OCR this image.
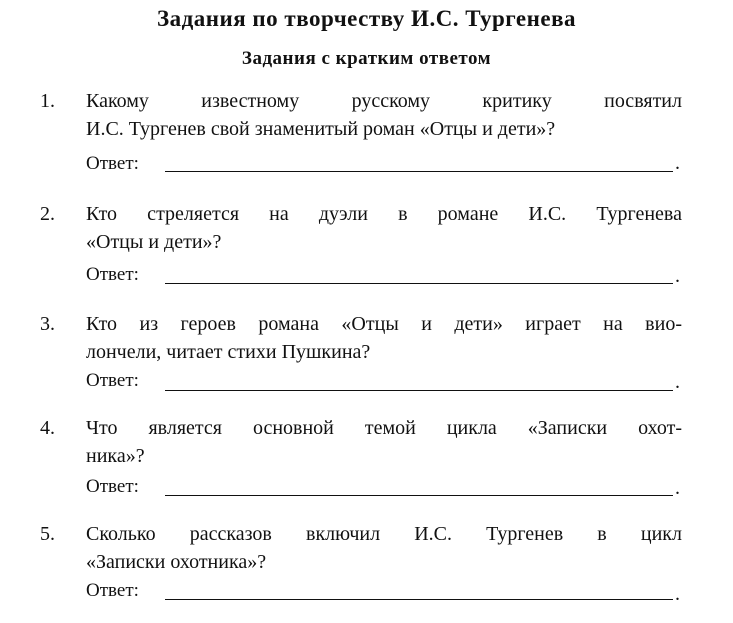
Задания по творчеству И.С. Тургенева
Задания с кратким ответом
1. Какому известному русскому критику посвятил
И.С. Тургенев свой знаменитый роман «Отцы и дети»?
Ответ:	.
2. Кто стреляется на дуэли в романе И.С. Тургенева
«Отцы и дети»?
Ответ:	.
3. Кто из героев романа «Отцы и дети» играет на вио-
лончели, читает стихи Пушкина?
Ответ:	.
4. Что является основной темой цикла «Записки охот-
ника»?
Ответ:	.
5. Сколько рассказов включил И.С. Тургенев в цикл
«Записки охотника»?
Ответ:	.
